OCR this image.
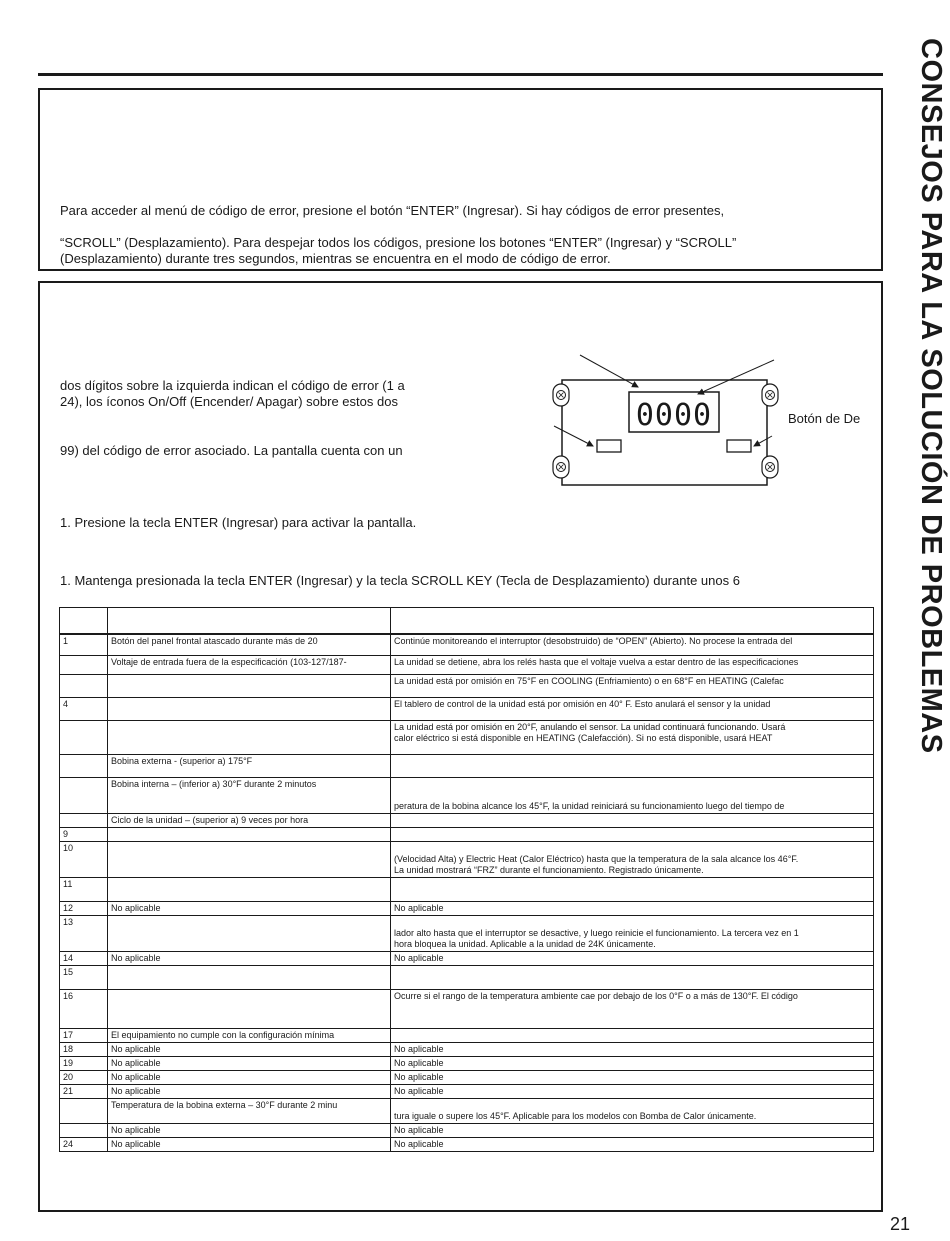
CONSEJOS PARA LA SOLUCIÓN DE PROBLEMAS

Para acceder al menú de código de error, presione el botón “ENTER” (Ingresar). Si hay códigos de error presentes,

“SCROLL” (Desplazamiento). Para despejar todos los códigos, presione los botones “ENTER” (Ingresar) y “SCROLL”

(Desplazamiento) durante tres segundos, mientras se encuentra en el modo de código de error.

dos dígitos sobre la izquierda indican el código de error (1 a

24), los íconos On/Off (Encender/ Apagar) sobre estos dos

99) del código de error asociado. La pantalla cuenta con un

0000	Botón de De

1. Presione la tecla ENTER (Ingresar) para activar la pantalla.

1. Mantenga presionada la tecla ENTER (Ingresar) y la tecla SCROLL KEY (Tecla de Desplazamiento) durante unos 6

1	Botón del panel frontal atascado durante más de 20	Continúe monitoreando el interruptor (desobstruido) de “OPEN” (Abierto). No procese la entrada del

	Voltaje de entrada fuera de la especificación (103-127/187-	La unidad se detiene, abra los relés hasta que el voltaje vuelva a estar dentro de las especificaciones

		La unidad está por omisión en 75°F en COOLING (Enfriamiento) o en 68°F en HEATING (Calefac

4		El tablero de control de la unidad está por omisión en 40° F. Esto anulará el sensor y la unidad

		La unidad está por omisión en 20°F, anulando el sensor. La unidad continuará funcionando. Usará
calor eléctrico si está disponible en HEATING (Calefacción). Si no está disponible, usará HEAT

	Bobina externa - (superior a) 175°F	

	Bobina interna – (inferior a) 30°F durante 2 minutos	peratura de la bobina alcance los 45°F, la unidad reiniciará su funcionamiento luego del tiempo de

	Ciclo de la unidad – (superior a) 9 veces por hora	

9		

10		(Velocidad Alta) y Electric Heat (Calor Eléctrico) hasta que la temperatura de la sala alcance los 46°F.
La unidad mostrará “FRZ” durante el funcionamiento. Registrado únicamente.

11		

12	No aplicable	No aplicable

13		lador alto hasta que el interruptor se desactive, y luego reinicie el funcionamiento. La tercera vez en 1
hora bloquea la unidad. Aplicable a la unidad de 24K únicamente.

14	No aplicable	No aplicable

15		

16		Ocurre si el rango de la temperatura ambiente cae por debajo de los 0°F o a más de 130°F. El código

17	El equipamiento no cumple con la configuración mínima	

18	No aplicable	No aplicable

19	No aplicable	No aplicable

20	No aplicable	No aplicable

21	No aplicable	No aplicable

	Temperatura de la bobina externa – 30°F durante 2 minu	tura iguale o supere los 45°F. Aplicable para los modelos con Bomba de Calor únicamente.

	No aplicable	No aplicable

24	No aplicable	No aplicable
21
